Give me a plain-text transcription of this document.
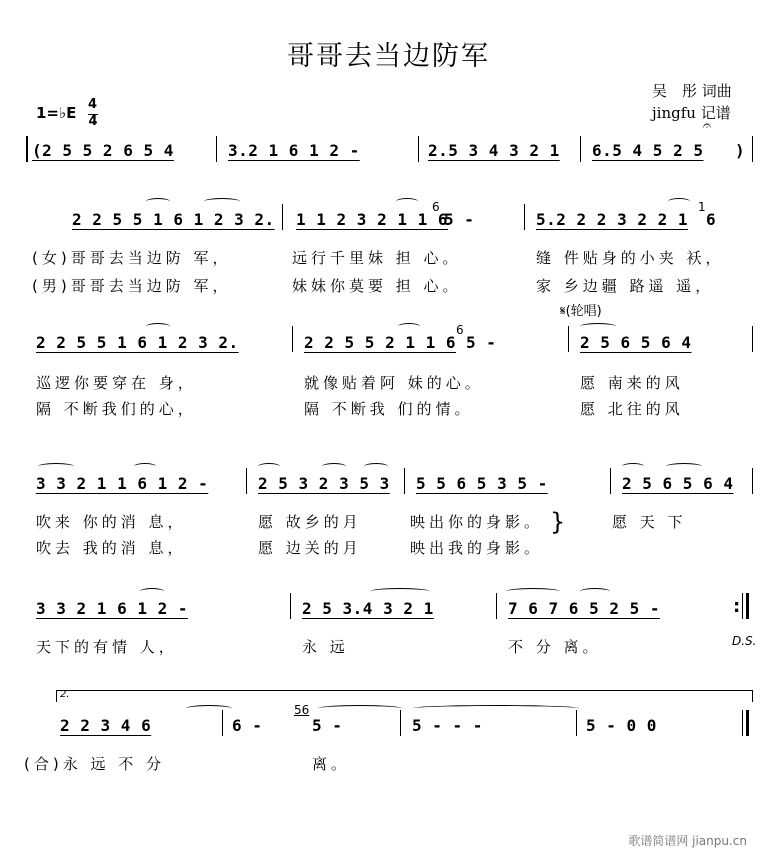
哥哥去当边防军
吴　彤 词曲
jingfu 记谱
1=♭E 4
4
(2 5 5 2 6 5 4	3.2 1 6 1 2 -	2.5 3 4 3 2 1 6.5 4 5 2 5
𝄐
)
2 2 5 5 1 6 1 2 3 2. 1 1 2 3 2 1 1 6
6
5 -	5.2 2 2 3 2 2 1
1
6
(女)哥哥去当边防 军，	远行千里妹 担 心。	缝 件贴身的小夹 袄，
(男)哥哥去当边防 军，	妹妹你莫要 担 心。	家 乡边疆 路遥 遥，
𝄋(轮唱)
2 2 5 5 1 6 1 2 3 2.	2 2 5 5 2 1 1 6
6
5 -	2 5 6 5 6 4
巡逻你要穿在 身，	就像贴着阿 妹的心。	愿 南来的风
隔 不断我们的心，	隔 不断我 们的情。	愿 北往的风
3 3 2 1 1 6 1 2 -	2 5 3 2 3 5 3 5 5 6 5 3 5 -	2 5 6 5 6 4
吹来 你的消 息，	愿 故乡的月	映出你的身影。	愿 天 下
吹去 我的消 息，	愿 边关的月	映出我的身影。
}
3 3 2 1 6 1 2 -	2 5 3.4 3 2 1	7 6 7 6 5 2 5 -	:
天下的有情 人，	永 远	不 分 离。	D.S.
2.
2 2 3 4 6	6 -
56
5 -	5 - - -	5 - 0 0
(合)永 远 不 分	离。
歌谱简谱网 jianpu.cn
